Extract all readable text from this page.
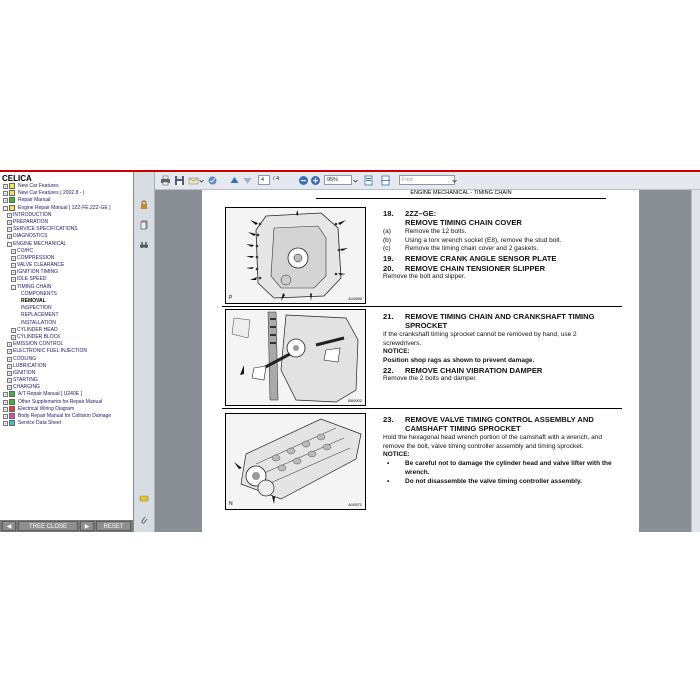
CELICA
+ New Car Features
+ New Car Features ( 2002.8 - )
+ Repair Manual
-	Engine Repair Manual [ 1ZZ-FE,2ZZ-GE ]
+ INTRODUCTION
+ PREPARATION
+ SERVICE SPECIFICATIONS
+ DIAGNOSTICS
- ENGINE MECHANICAL
+ CO/HC
+ COMPRESSION
+ VALVE CLEARANCE
+ IGNITION TIMING
+ IDLE SPEED
- TIMING CHAIN
COMPONENTS
REMOVAL
INSPECTION
REPLACEMENT
INSTALLATION
+ CYLINDER HEAD
+ CYLINDER BLOCK
+ EMISSION CONTROL
+ ELECTRONIC FUEL INJECTION
+ COOLING
+ LUBRICATION
+ IGNITION
+ STARTING
+ CHARGING
+ A/T Repair Manual [ U240E ]
+ Other Supplements for Repair Manual
+ Electrical Wiring Diagram
+ Body Repair Manual for Collision Damage
+ Service Data Sheet
◀	TREE CLOSE	▶	RESET
4	/ 4	95%	Find
ENGINE MECHANICAL - TIMING CHAIN
P	A10590
B00002
N	A10571
18. 2ZZ–GE:
REMOVE TIMING CHAIN COVER
(a) Remove the 12 bolts.
(b) Using a torx wrench socket (E8), remove the stud bolt.
(c) Remove the timing chain cover and 2 gaskets.
19. REMOVE CRANK ANGLE SENSOR PLATE
20. REMOVE CHAIN TENSIONER SLIPPER
Remove the bolt and slipper.
21. REMOVE TIMING CHAIN AND CRANKSHAFT TIMING SPROCKET
If the crankshaft timing sprocket cannot be removed by hand, use 2 screwdrivers.
NOTICE:
Position shop rags as shown to prevent damage.
22. REMOVE CHAIN VIBRATION DAMPER
Remove the 2 bolts and damper.
23. REMOVE VALVE TIMING CONTROL ASSEMBLY AND CAMSHAFT TIMING SPROCKET
Hold the hexagonal head wrench portion of the camshaft with a wrench, and remove the bolt, valve timing controller assembly and timing sprocket.
NOTICE:
• Be careful not to damage the cylinder head and valve lifter with the wrench.
• Do not disassemble the valve timing controller assembly.
